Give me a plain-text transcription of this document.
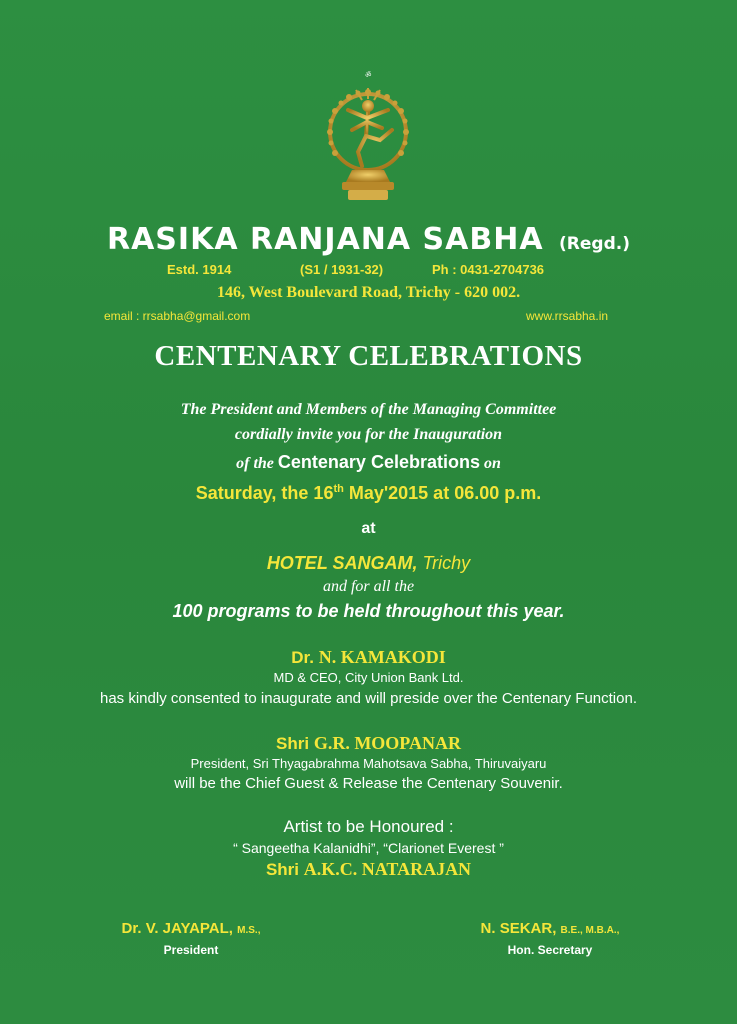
ॐ
RASIKA RANJANA SABHA (Regd.)
Estd. 1914	(S1 / 1931-32)	Ph : 0431-2704736
146, West Boulevard Road, Trichy - 620 002.
email : rrsabha@gmail.com	www.rrsabha.in
CENTENARY CELEBRATIONS
The President and Members of the Managing Committee
cordially invite you for the Inauguration
of the Centenary Celebrations on
Saturday, the 16th May'2015 at 06.00 p.m.
at
HOTEL SANGAM, Trichy
and for all the
100 programs to be held throughout this year.
Dr. N. KAMAKODI
MD & CEO, City Union Bank Ltd.
has kindly consented to inaugurate and will preside over the Centenary Function.
Shri G.R. MOOPANAR
President, Sri Thyagabrahma Mahotsava Sabha, Thiruvaiyaru
will be the Chief Guest & Release the Centenary Souvenir.
Artist to be Honoured :
“ Sangeetha Kalanidhi”, “Clarionet Everest ”
Shri A.K.C. NATARAJAN
Dr. V. JAYAPAL, M.S.,
President
N. SEKAR, B.E., M.B.A.,
Hon. Secretary
